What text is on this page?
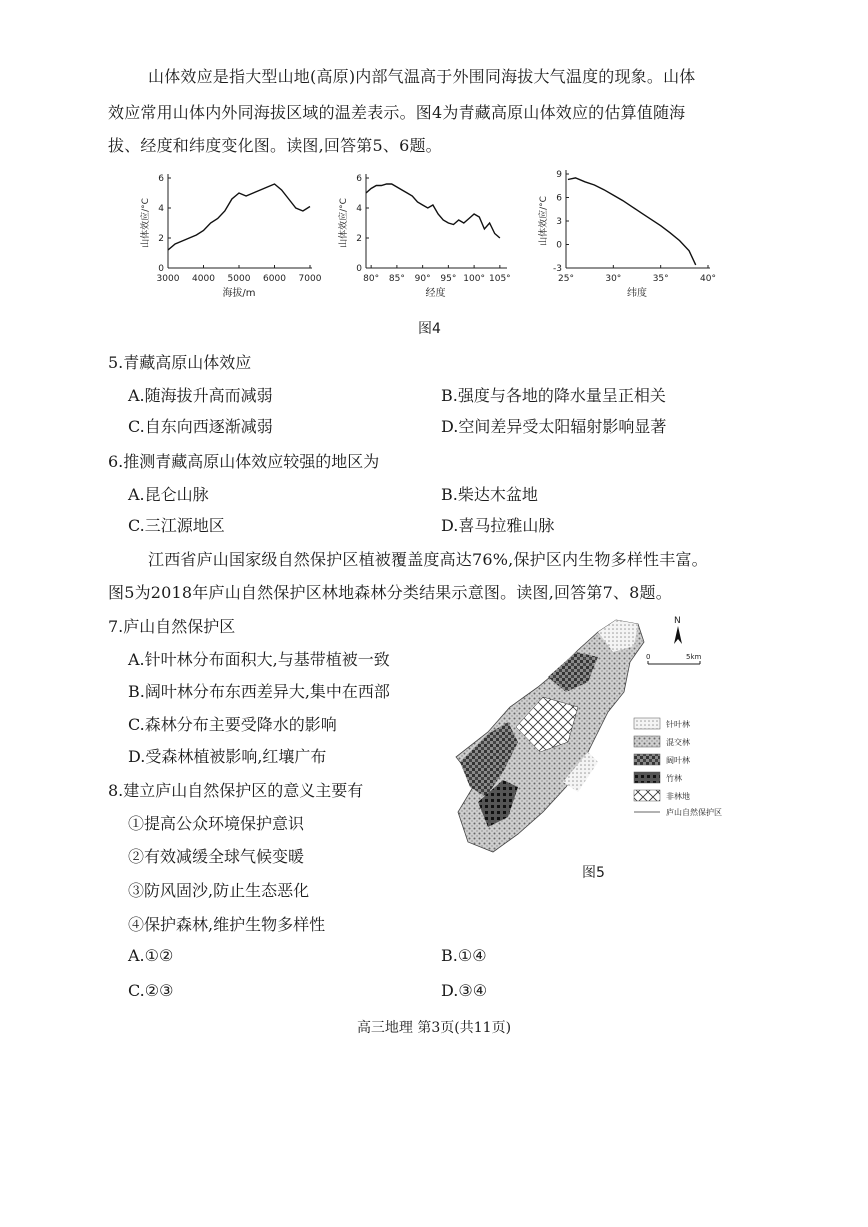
山体效应是指大型山地(高原)内部气温高于外围同海拔大气温度的现象。山体
效应常用山体内外同海拔区域的温差表示。图4为青藏高原山体效应的估算值随海
拔、经度和纬度变化图。读图,回答第5、6题。
0
2
4
6
3000 4000 5000 6000 7000
海拔/m
山体效应/°C
0
2
4
6
80° 85° 90° 95° 100° 105°
经度
山体效应/°C
-3
0
3
6
9
25°	30°	35°	40°
纬度
山体效应/°C
图4
5.青藏高原山体效应
A.随海拔升高而减弱	B.强度与各地的降水量呈正相关
C.自东向西逐渐减弱	D.空间差异受太阳辐射影响显著
6.推测青藏高原山体效应较强的地区为
A.昆仑山脉	B.柴达木盆地
C.三江源地区	D.喜马拉雅山脉
江西省庐山国家级自然保护区植被覆盖度高达76%,保护区内生物多样性丰富。
图5为2018年庐山自然保护区林地森林分类结果示意图。读图,回答第7、8题。
7.庐山自然保护区
A.针叶林分布面积大,与基带植被一致
B.阔叶林分布东西差异大,集中在西部
C.森林分布主要受降水的影响
D.受森林植被影响,红壤广布
8.建立庐山自然保护区的意义主要有
①提高公众环境保护意识
②有效减缓全球气候变暖
③防风固沙,防止生态恶化
④保护森林,维护生物多样性
A.①②	B.①④
C.②③	D.③④
N
0	5km
针叶林
混交林
阔叶林
竹林
非林地
庐山自然保护区
图5
高三地理 第3页(共11页)
